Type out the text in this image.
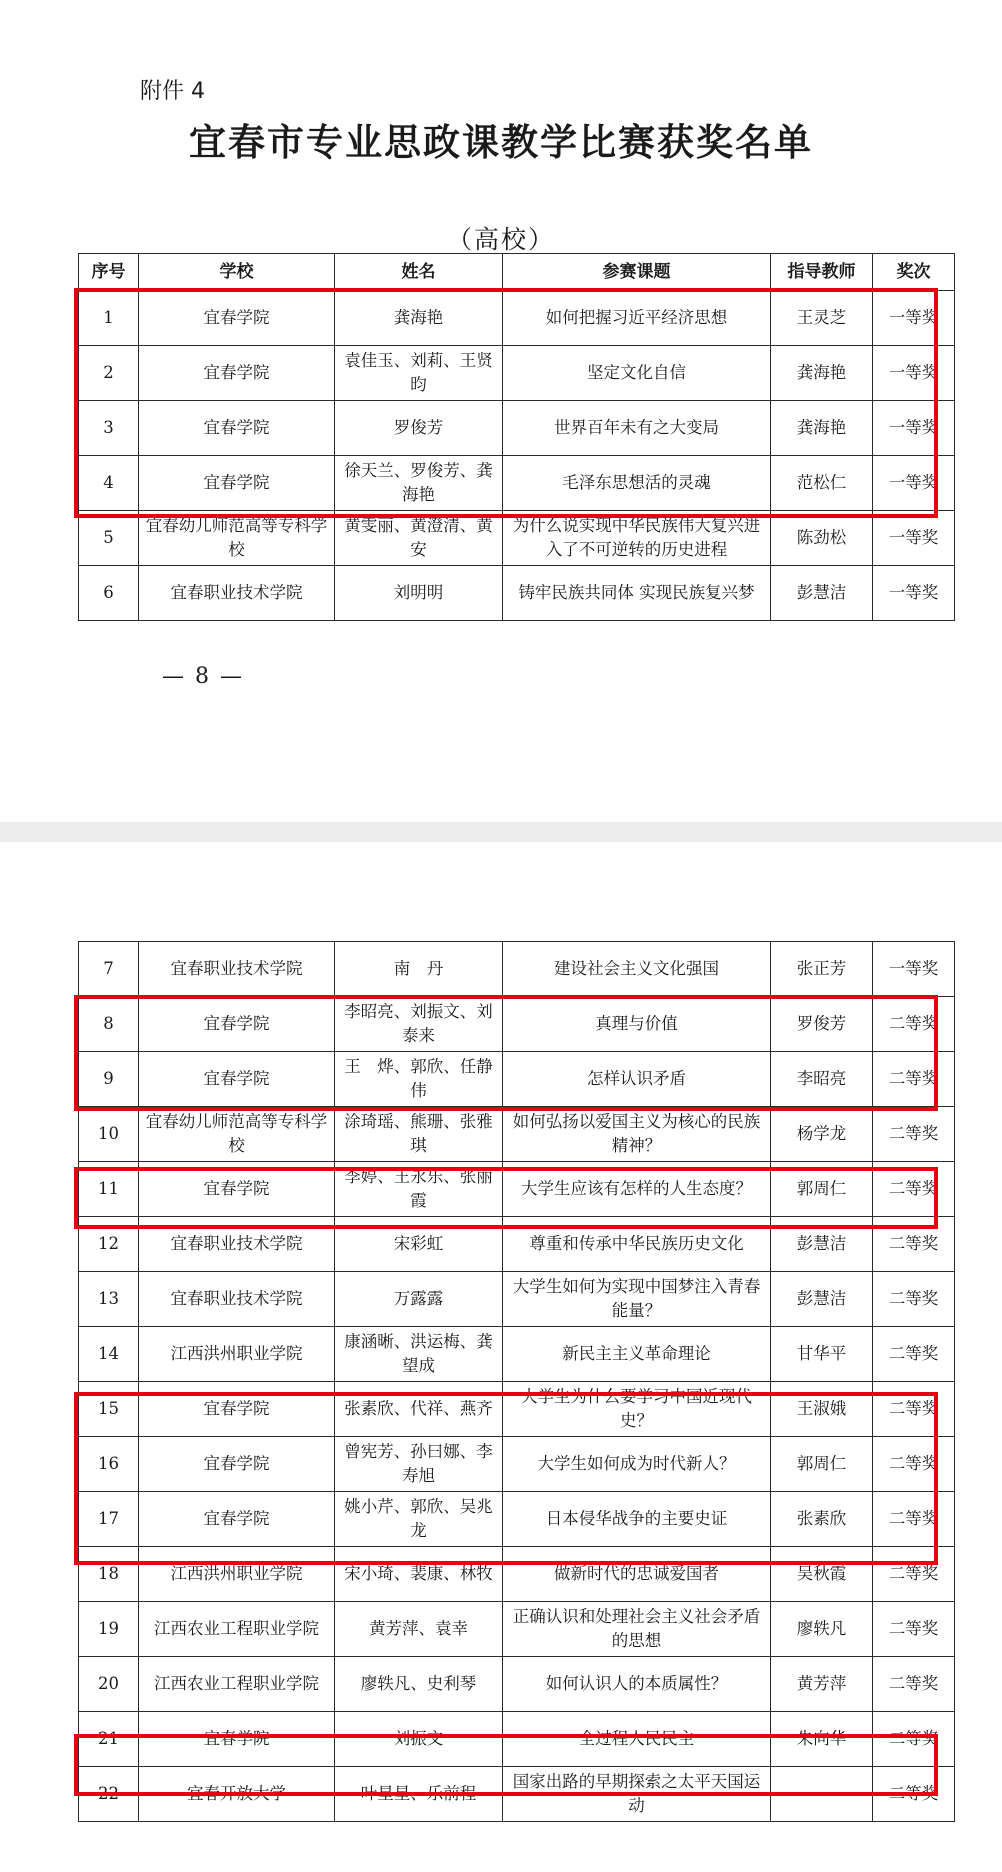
附件 4
宜春市专业思政课教学比赛获奖名单
（高校）
序号	学校	姓名	参赛课题	指导教师	奖次
1	宜春学院	龚海艳	如何把握习近平经济思想	王灵芝	一等奖
2	宜春学院	袁佳玉、刘莉、王贤昀	坚定文化自信	龚海艳	一等奖
3	宜春学院	罗俊芳	世界百年未有之大变局	龚海艳	一等奖
4	宜春学院	徐天兰、罗俊芳、龚海艳	毛泽东思想活的灵魂	范松仁	一等奖
5	宜春幼儿师范高等专科学校	黄雯丽、黄澄清、黄安	为什么说实现中华民族伟大复兴进入了不可逆转的历史进程	陈劲松	一等奖
6	宜春职业技术学院	刘明明	铸牢民族共同体 实现民族复兴梦	彭慧洁	一等奖
— 8 —
7	宜春职业技术学院	南　丹	建设社会主义文化强国	张正芳	一等奖
8	宜春学院	李昭亮、刘振文、刘泰来	真理与价值	罗俊芳	二等奖
9	宜春学院	王　烨、郭欣、任静伟	怎样认识矛盾	李昭亮	二等奖
10	宜春幼儿师范高等专科学校	涂琦瑶、熊珊、张雅琪	如何弘扬以爱国主义为核心的民族精神？	杨学龙	二等奖
11	宜春学院	李婷、王永乐、张丽霞	大学生应该有怎样的人生态度？	郭周仁	二等奖
12	宜春职业技术学院	宋彩虹	尊重和传承中华民族历史文化	彭慧洁	二等奖
13	宜春职业技术学院	万露露	大学生如何为实现中国梦注入青春能量？	彭慧洁	二等奖
14	江西洪州职业学院	康涵晰、洪运梅、龚望成	新民主主义革命理论	甘华平	二等奖
15	宜春学院	张素欣、代祥、燕齐	大学生为什么要学习中国近现代史？	王淑娥	二等奖
16	宜春学院	曾宪芳、孙曰娜、李寿旭	大学生如何成为时代新人？	郭周仁	二等奖
17	宜春学院	姚小芹、郭欣、吴兆龙	日本侵华战争的主要史证	张素欣	二等奖
18	江西洪州职业学院	宋小琦、裴康、林牧	做新时代的忠诚爱国者	吴秋霞	二等奖
19	江西农业工程职业学院	黄芳萍、袁幸	正确认识和处理社会主义社会矛盾的思想	廖轶凡	二等奖
20	江西农业工程职业学院	廖轶凡、史利琴	如何认识人的本质属性？	黄芳萍	二等奖
21	宜春学院	刘振文	全过程人民民主	朱向华	二等奖
22	宜春开放大学	叶星星、乐前程	国家出路的早期探索之太平天国运动		二等奖
